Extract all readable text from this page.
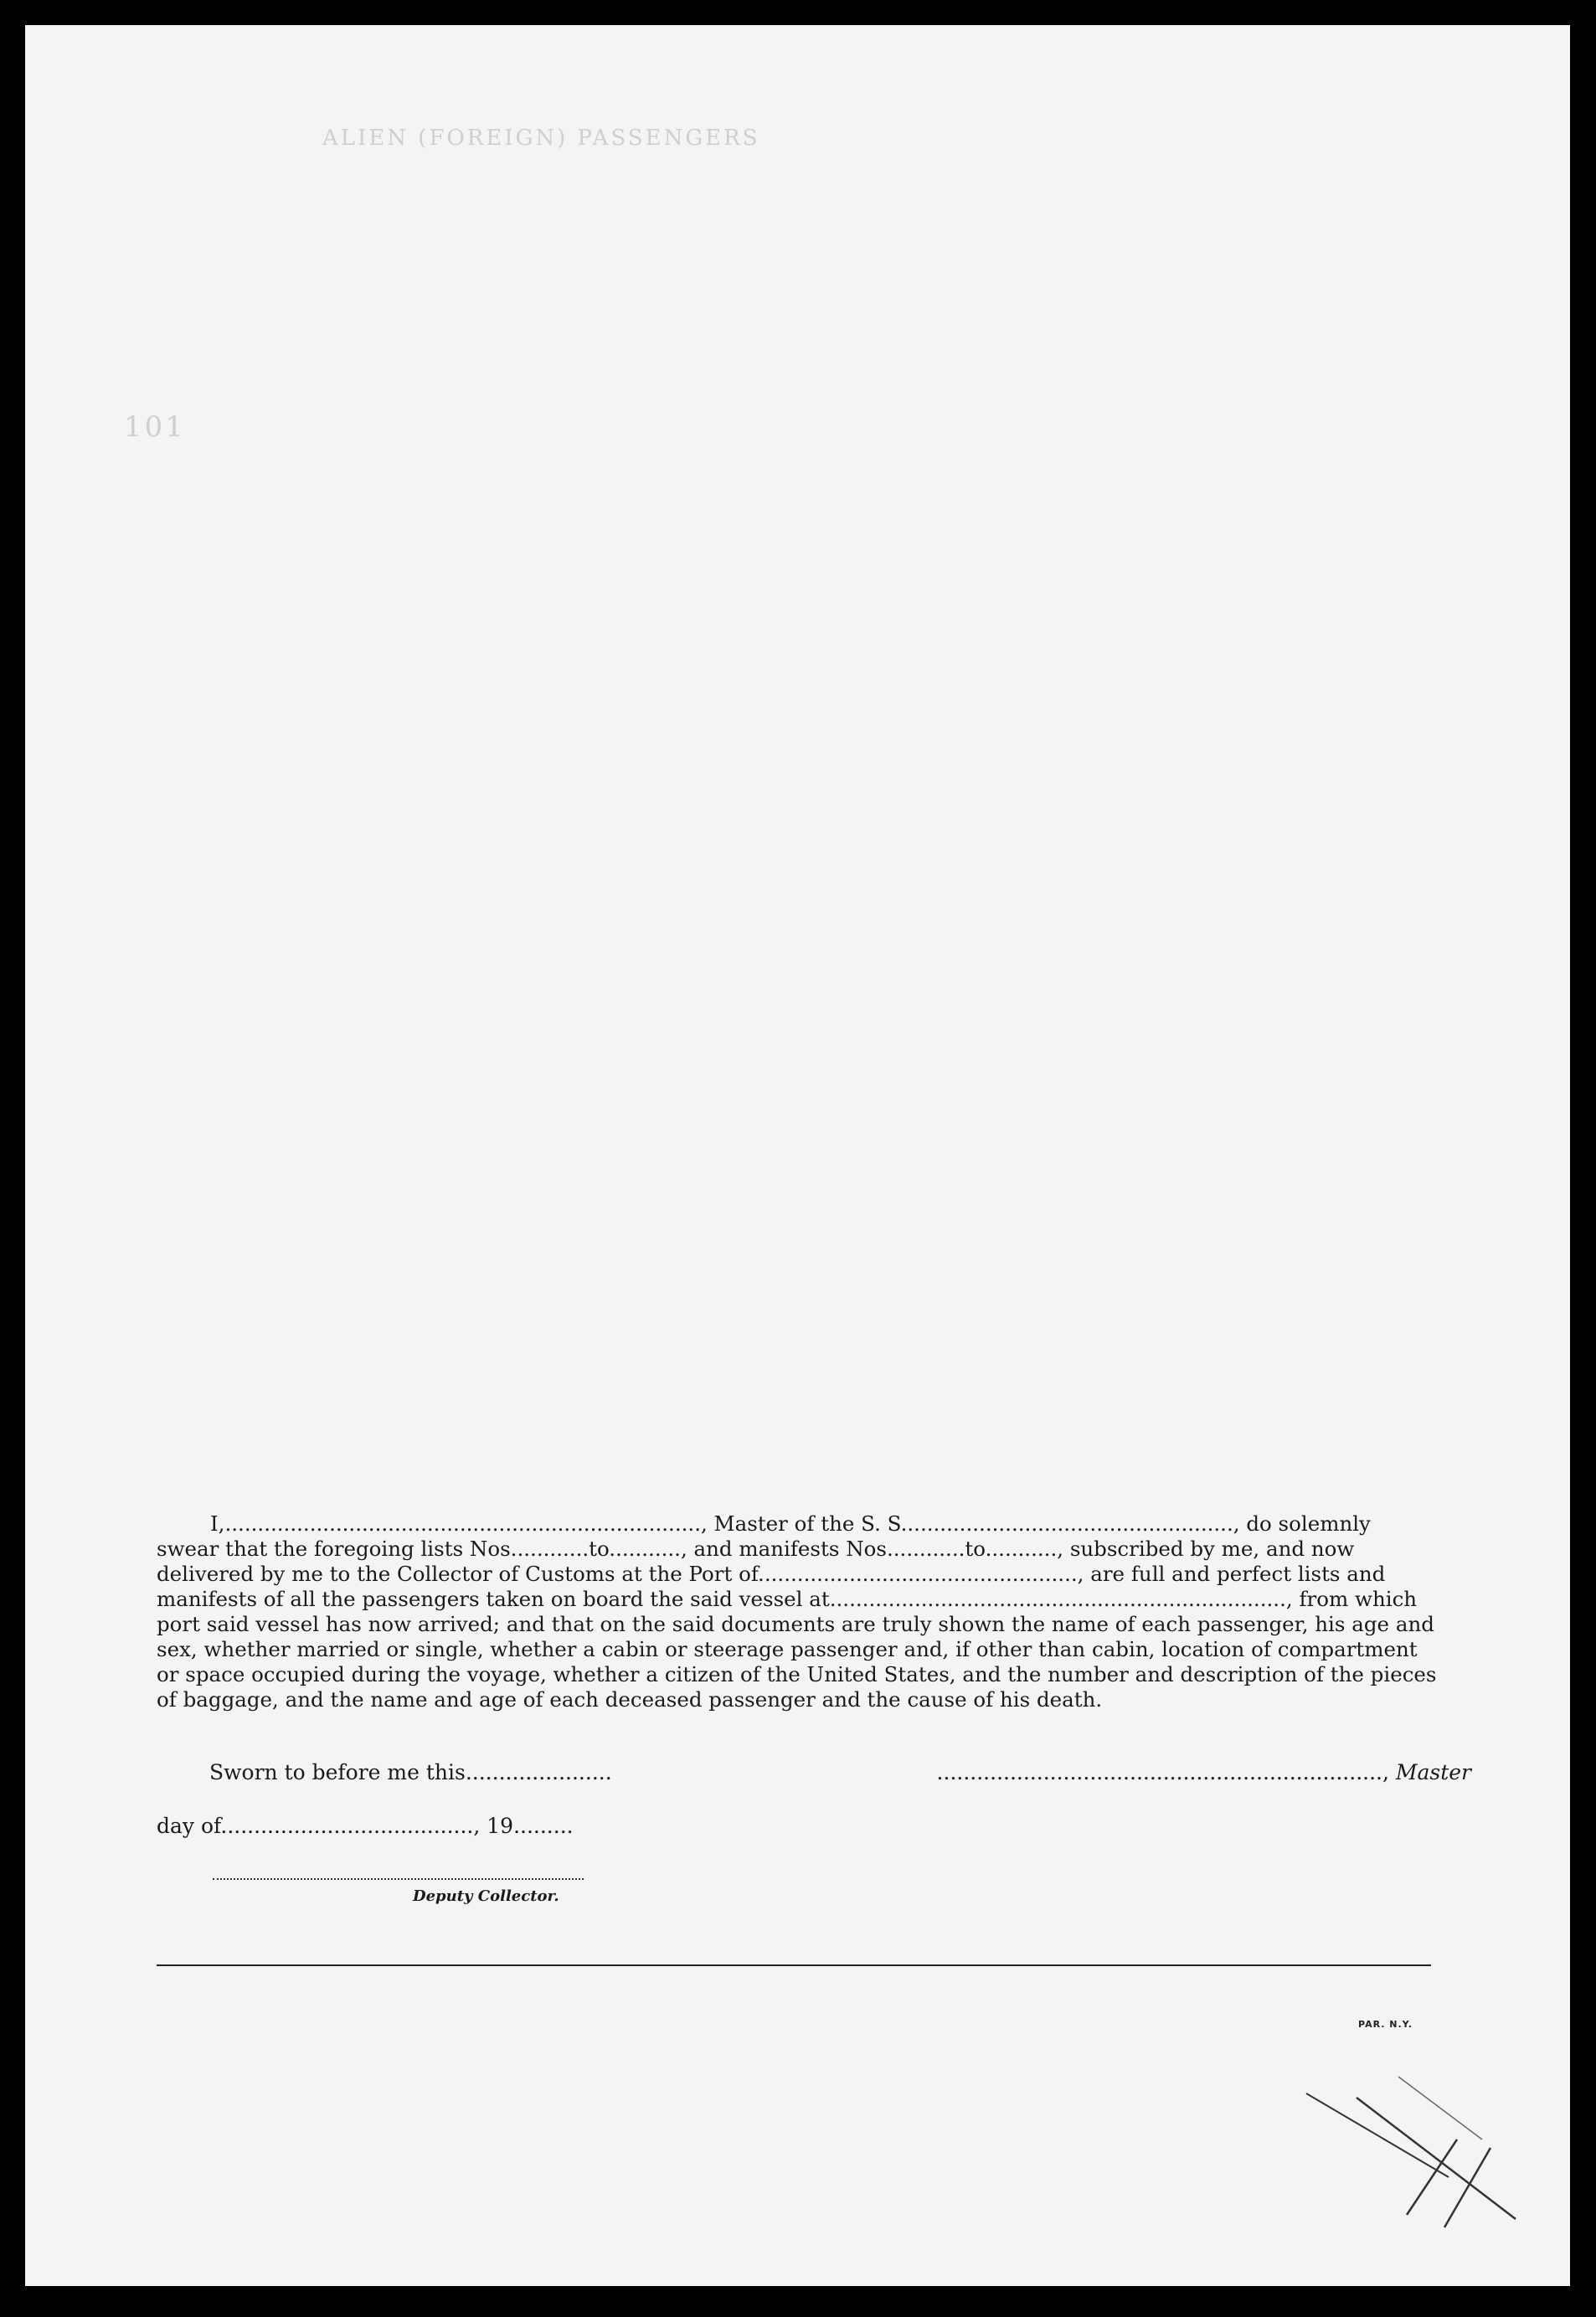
ALIEN (FOREIGN) PASSENGERS
101
I,........................................................................., Master of the S. S..................................................., do solemnly
swear that the foregoing lists Nos............to..........., and manifests Nos............to..........., subscribed by me, and now
delivered by me to the Collector of Customs at the Port of................................................., are full and perfect lists and
manifests of all the passengers taken on board the said vessel at......................................................................, from which
port said vessel has now arrived; and that on the said documents are truly shown the name of each passenger, his age and
sex, whether married or single, whether a cabin or steerage passenger and, if other than cabin, location of compartment
or space occupied during the voyage, whether a citizen of the United States, and the number and description of the pieces
of baggage, and the name and age of each deceased passenger and the cause of his death.
Sworn to before me this......................	..................................................................., Master
day of......................................, 19.........
Deputy Collector.
PAR. N.Y.
